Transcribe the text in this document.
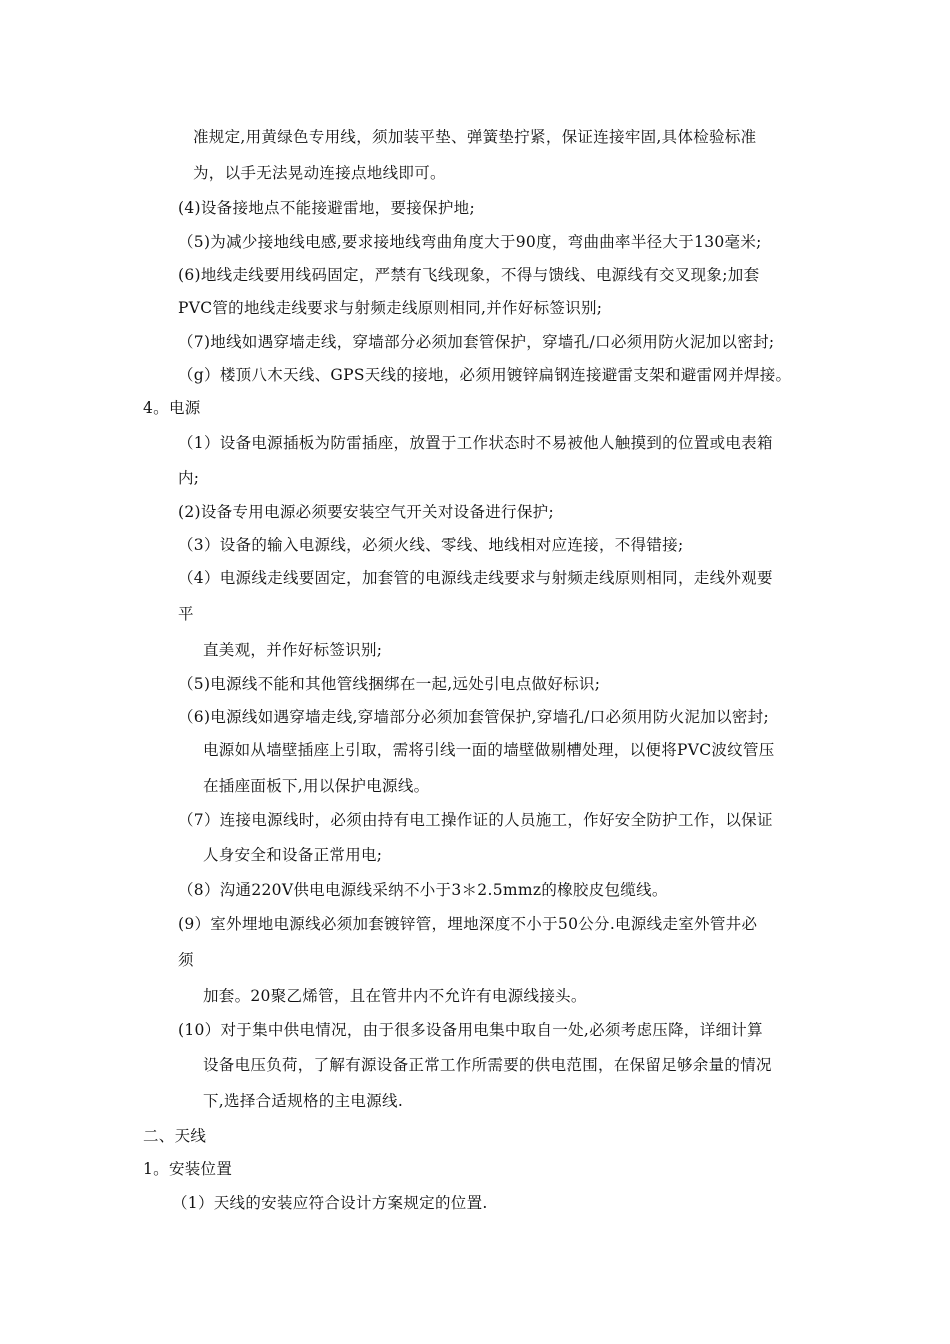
准规定,用黄绿色专用线，须加装平垫、弹簧垫拧紧，保证连接牢固,具体检验标准
为，以手无法晃动连接点地线即可。
(4)设备接地点不能接避雷地，要接保护地;
（5)为减少接地线电感,要求接地线弯曲角度大于90度，弯曲曲率半径大于130毫米;
(6)地线走线要用线码固定，严禁有飞线现象，不得与馈线、电源线有交叉现象;加套
PVC管的地线走线要求与射频走线原则相同,并作好标签识别;
（7)地线如遇穿墙走线，穿墙部分必须加套管保护，穿墙孔/口必须用防火泥加以密封;
（g）楼顶八木天线、GPS天线的接地，必须用镀锌扁钢连接避雷支架和避雷网并焊接。
4。电源
（1）设备电源插板为防雷插座，放置于工作状态时不易被他人触摸到的位置或电表箱
内;
(2)设备专用电源必须要安装空气开关对设备进行保护;
（3）设备的输入电源线，必须火线、零线、地线相对应连接，不得错接;
（4）电源线走线要固定，加套管的电源线走线要求与射频走线原则相同，走线外观要
平
直美观，并作好标签识别;
（5)电源线不能和其他管线捆绑在一起,远处引电点做好标识;
（6)电源线如遇穿墙走线,穿墙部分必须加套管保护,穿墙孔/口必须用防火泥加以密封;
电源如从墙壁插座上引取，需将引线一面的墙壁做剔槽处理，以便将PVC波纹管压
在插座面板下,用以保护电源线。
（7）连接电源线时，必须由持有电工操作证的人员施工，作好安全防护工作，以保证
人身安全和设备正常用电;
（8）沟通220V供电电源线采纳不小于3＊2.5mmz的橡胶皮包缆线。
(9）室外埋地电源线必须加套镀锌管，埋地深度不小于50公分.电源线走室外管井必
须
加套。20聚乙烯管，且在管井内不允许有电源线接头。
(10）对于集中供电情况，由于很多设备用电集中取自一处,必须考虑压降，详细计算
设备电压负荷，了解有源设备正常工作所需要的供电范围，在保留足够余量的情况
下,选择合适规格的主电源线.
二、天线
1。安装位置
（1）天线的安装应符合设计方案规定的位置.
